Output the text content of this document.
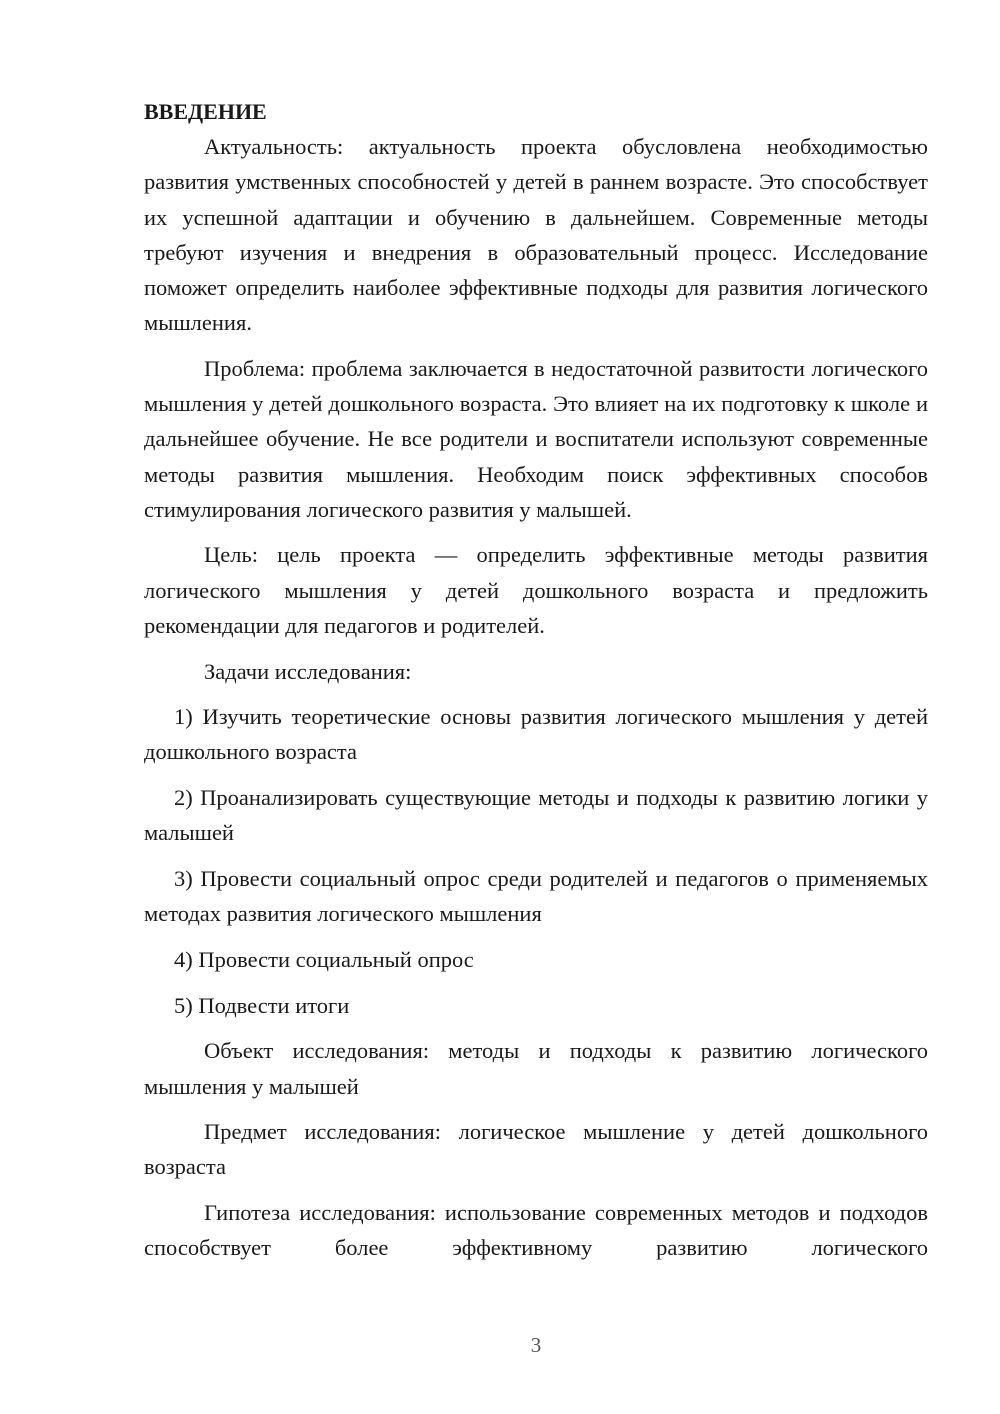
ВВЕДЕНИЕ

Актуальность: актуальность проекта обусловлена необходимостью развития умственных способностей у детей в раннем возрасте. Это способствует их успешной адаптации и обучению в дальнейшем. Современные методы требуют изучения и внедрения в образовательный процесс. Исследование поможет определить наиболее эффективные подходы для развития логического мышления.

Проблема: проблема заключается в недостаточной развитости логического мышления у детей дошкольного возраста. Это влияет на их подготовку к школе и дальнейшее обучение. Не все родители и воспитатели используют современные методы развития мышления. Необходим поиск эффективных способов стимулирования логического развития у малышей.

Цель: цель проекта — определить эффективные методы развития логического мышления у детей дошкольного возраста и предложить рекомендации для педагогов и родителей.

Задачи исследования:

1) Изучить теоретические основы развития логического мышления у детей дошкольного возраста

2) Проанализировать существующие методы и подходы к развитию логики у малышей

3) Провести социальный опрос среди родителей и педагогов о применяемых методах развития логического мышления

4) Провести социальный опрос

5) Подвести итоги

Объект исследования: методы и подходы к развитию логического мышления у малышей

Предмет исследования: логическое мышление у детей дошкольного возраста

Гипотеза исследования: использование современных методов и подходов способствует более эффективному развитию логического

3
